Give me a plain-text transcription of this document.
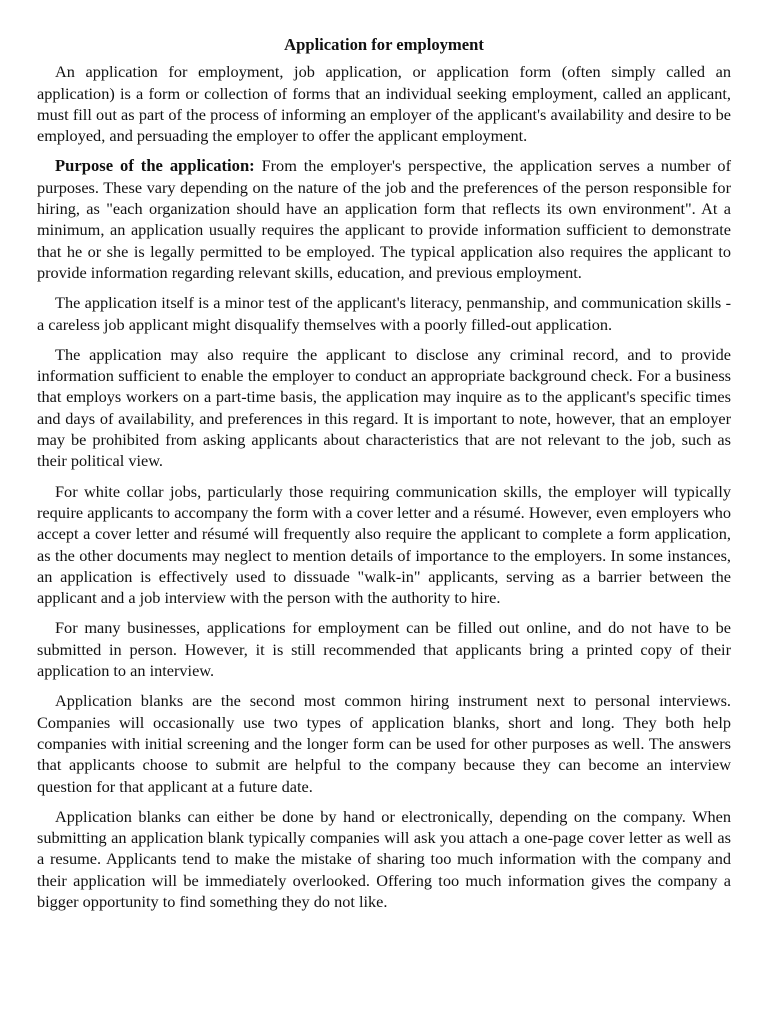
Application for employment

An application for employment, job application, or application form (often simply called an application) is a form or collection of forms that an individual seeking employment, called an applicant, must fill out as part of the process of informing an employer of the applicant's availability and desire to be employed, and persuading the employer to offer the applicant employment.

Purpose of the application: From the employer's perspective, the application serves a number of purposes. These vary depending on the nature of the job and the preferences of the person responsible for hiring, as "each organization should have an application form that reflects its own environment". At a minimum, an application usually requires the applicant to provide information sufficient to demonstrate that he or she is legally permitted to be employed. The typical application also requires the applicant to provide information regarding relevant skills, education, and previous employment.

The application itself is a minor test of the applicant's literacy, penmanship, and communication skills - a careless job applicant might disqualify themselves with a poorly filled-out application.

The application may also require the applicant to disclose any criminal record, and to provide information sufficient to enable the employer to conduct an appropriate background check. For a business that employs workers on a part-time basis, the application may inquire as to the applicant's specific times and days of availability, and preferences in this regard. It is important to note, however, that an employer may be prohibited from asking applicants about characteristics that are not relevant to the job, such as their political view.

For white collar jobs, particularly those requiring communication skills, the employer will typically require applicants to accompany the form with a cover letter and a résumé. However, even employers who accept a cover letter and résumé will frequently also require the applicant to complete a form application, as the other documents may neglect to mention details of importance to the employers. In some instances, an application is effectively used to dissuade "walk-in" applicants, serving as a barrier between the applicant and a job interview with the person with the authority to hire.

For many businesses, applications for employment can be filled out online, and do not have to be submitted in person. However, it is still recommended that applicants bring a printed copy of their application to an interview.

Application blanks are the second most common hiring instrument next to personal interviews. Companies will occasionally use two types of application blanks, short and long. They both help companies with initial screening and the longer form can be used for other purposes as well. The answers that applicants choose to submit are helpful to the company because they can become an interview question for that applicant at a future date.

Application blanks can either be done by hand or electronically, depending on the company. When submitting an application blank typically companies will ask you attach a one-page cover letter as well as a resume. Applicants tend to make the mistake of sharing too much information with the company and their application will be immediately overlooked. Offering too much information gives the company a bigger opportunity to find something they do not like.
